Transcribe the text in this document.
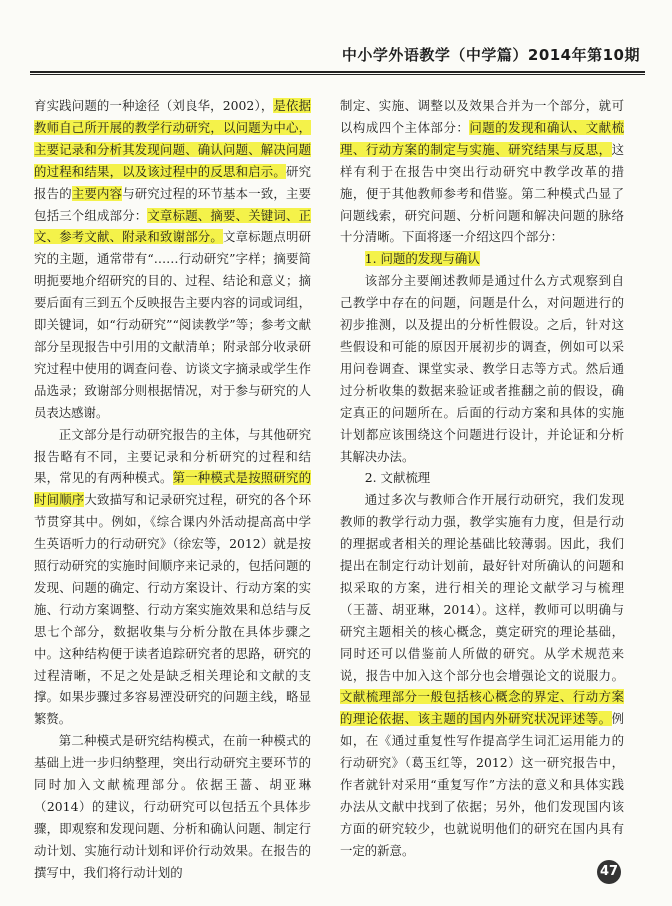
中小学外语教学（中学篇）2014年第10期

育实践问题的一种途径（刘良华，2002），是依据教师自己所开展的教学行动研究，以问题为中心，主要记录和分析其发现问题、确认问题、解决问题的过程和结果，以及该过程中的反思和启示。研究报告的主要内容与研究过程的环节基本一致，主要包括三个组成部分：文章标题、摘要、关键词、正文、参考文献、附录和致谢部分。文章标题点明研究的主题，通常带有“……行动研究”字样；摘要简明扼要地介绍研究的目的、过程、结论和意义；摘要后面有三到五个反映报告主要内容的词或词组，即关键词，如“行动研究”“阅读教学”等；参考文献部分呈现报告中引用的文献清单；附录部分收录研究过程中使用的调查问卷、访谈文字摘录或学生作品选录；致谢部分则根据情况，对于参与研究的人员表达感谢。

正文部分是行动研究报告的主体，与其他研究报告略有不同，主要记录和分析研究的过程和结果，常见的有两种模式。第一种模式是按照研究的时间顺序大致描写和记录研究过程，研究的各个环节贯穿其中。例如，《综合课内外活动提高高中学生英语听力的行动研究》（徐宏等，2012）就是按照行动研究的实施时间顺序来记录的，包括问题的发现、问题的确定、行动方案设计、行动方案的实施、行动方案调整、行动方案实施效果和总结与反思七个部分，数据收集与分析分散在具体步骤之中。这种结构便于读者追踪研究者的思路，研究的过程清晰，不足之处是缺乏相关理论和文献的支撑。如果步骤过多容易湮没研究的问题主线，略显繁赘。

第二种模式是研究结构模式，在前一种模式的基础上进一步归纳整理，突出行动研究主要环节的同时加入文献梳理部分。依据王蔷、胡亚琳（2014）的建议，行动研究可以包括五个具体步骤，即观察和发现问题、分析和确认问题、制定行动计划、实施行动计划和评价行动效果。在报告的撰写中，我们将行动计划的

制定、实施、调整以及效果合并为一个部分，就可以构成四个主体部分：问题的发现和确认、文献梳理、行动方案的制定与实施、研究结果与反思，这样有利于在报告中突出行动研究中教学改革的措施，便于其他教师参考和借鉴。第二种模式凸显了问题线索，研究问题、分析问题和解决问题的脉络十分清晰。下面将逐一介绍这四个部分：

1. 问题的发现与确认

该部分主要阐述教师是通过什么方式观察到自己教学中存在的问题，问题是什么，对问题进行的初步推测，以及提出的分析性假设。之后，针对这些假设和可能的原因开展初步的调查，例如可以采用问卷调查、课堂实录、教学日志等方式。然后通过分析收集的数据来验证或者推翻之前的假设，确定真正的问题所在。后面的行动方案和具体的实施计划都应该围绕这个问题进行设计，并论证和分析其解决办法。

2. 文献梳理

通过多次与教师合作开展行动研究，我们发现教师的教学行动力强，教学实施有力度，但是行动的理据或者相关的理论基础比较薄弱。因此，我们提出在制定行动计划前，最好针对所确认的问题和拟采取的方案，进行相关的理论文献学习与梳理（王蔷、胡亚琳，2014）。这样，教师可以明确与研究主题相关的核心概念，奠定研究的理论基础，同时还可以借鉴前人所做的研究。从学术规范来说，报告中加入这个部分也会增强论文的说服力。文献梳理部分一般包括核心概念的界定、行动方案的理论依据、该主题的国内外研究状况评述等。例如，在《通过重复性写作提高学生词汇运用能力的行动研究》（葛玉红等，2012）这一研究报告中，作者就针对采用“重复写作”方法的意义和具体实践办法从文献中找到了依据；另外，他们发现国内该方面的研究较少，也就说明他们的研究在国内具有一定的新意。

47
